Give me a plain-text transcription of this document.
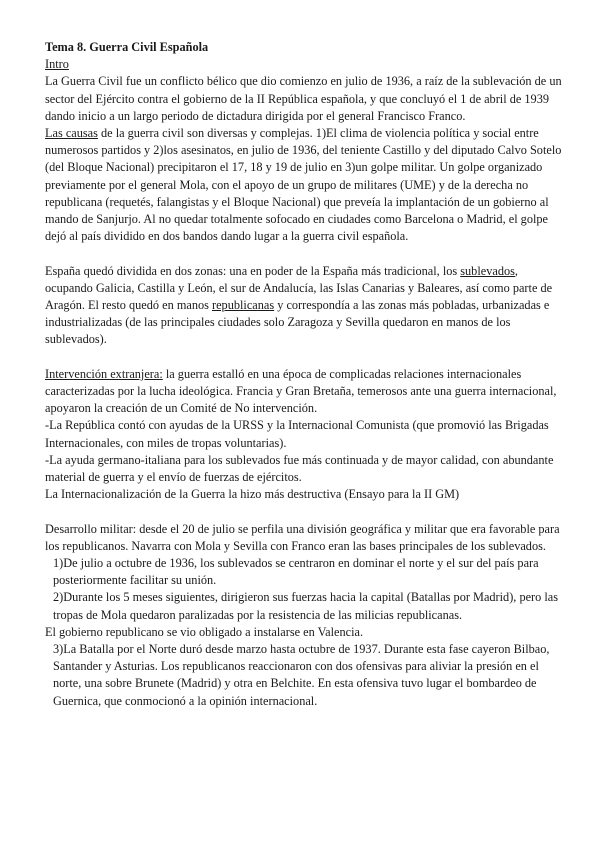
Tema 8. Guerra Civil Española

Intro

La Guerra Civil fue un conflicto bélico que dio comienzo en julio de 1936, a raíz de la sublevación de un sector del Ejército contra el gobierno de la II República española, y que concluyó el 1 de abril de 1939 dando inicio a un largo periodo de dictadura dirigida por el general Francisco Franco.

Las causas de la guerra civil son diversas y complejas. 1)El clima de violencia política y social entre numerosos partidos y 2)los asesinatos, en julio de 1936, del teniente Castillo y del diputado Calvo Sotelo (del Bloque Nacional) precipitaron el 17, 18 y 19 de julio en 3)un golpe militar. Un golpe organizado previamente por el general Mola, con el apoyo de un grupo de militares (UME) y de la derecha no republicana (requetés, falangistas y el Bloque Nacional) que preveía la implantación de un gobierno al mando de Sanjurjo. Al no quedar totalmente sofocado en ciudades como Barcelona o Madrid, el golpe dejó al país dividido en dos bandos dando lugar a la guerra civil española.

España quedó dividida en dos zonas: una en poder de la España más tradicional, los sublevados, ocupando Galicia, Castilla y León, el sur de Andalucía, las Islas Canarias y Baleares, así como parte de Aragón. El resto quedó en manos republicanas y correspondía a las zonas más pobladas, urbanizadas e industrializadas (de las principales ciudades solo Zaragoza y Sevilla quedaron en manos de los sublevados).

Intervención extranjera: la guerra estalló en una época de complicadas relaciones internacionales caracterizadas por la lucha ideológica. Francia y Gran Bretaña, temerosos ante una guerra internacional, apoyaron la creación de un Comité de No intervención.

-La República contó con ayudas de la URSS y la Internacional Comunista (que promovió las Brigadas Internacionales, con miles de tropas voluntarias).

-La ayuda germano-italiana para los sublevados fue más continuada y de mayor calidad, con abundante material de guerra y el envío de fuerzas de ejércitos.

La Internacionalización de la Guerra la hizo más destructiva (Ensayo para la II GM)

Desarrollo militar: desde el 20 de julio se perfila una división geográfica y militar que era favorable para los republicanos. Navarra con Mola y Sevilla con Franco eran las bases principales de los sublevados.

1)De julio a octubre de 1936, los sublevados se centraron en dominar el norte y el sur del país para posteriormente facilitar su unión.

2)Durante los 5 meses siguientes, dirigieron sus fuerzas hacia la capital (Batallas por Madrid), pero las tropas de Mola quedaron paralizadas por la resistencia de las milicias republicanas.

El gobierno republicano se vio obligado a instalarse en Valencia.

3)La Batalla por el Norte duró desde marzo hasta octubre de 1937. Durante esta fase cayeron Bilbao, Santander y Asturias. Los republicanos reaccionaron con dos ofensivas para aliviar la presión en el norte, una sobre Brunete (Madrid) y otra en Belchite. En esta ofensiva tuvo lugar el bombardeo de Guernica, que conmocionó a la opinión internacional.
